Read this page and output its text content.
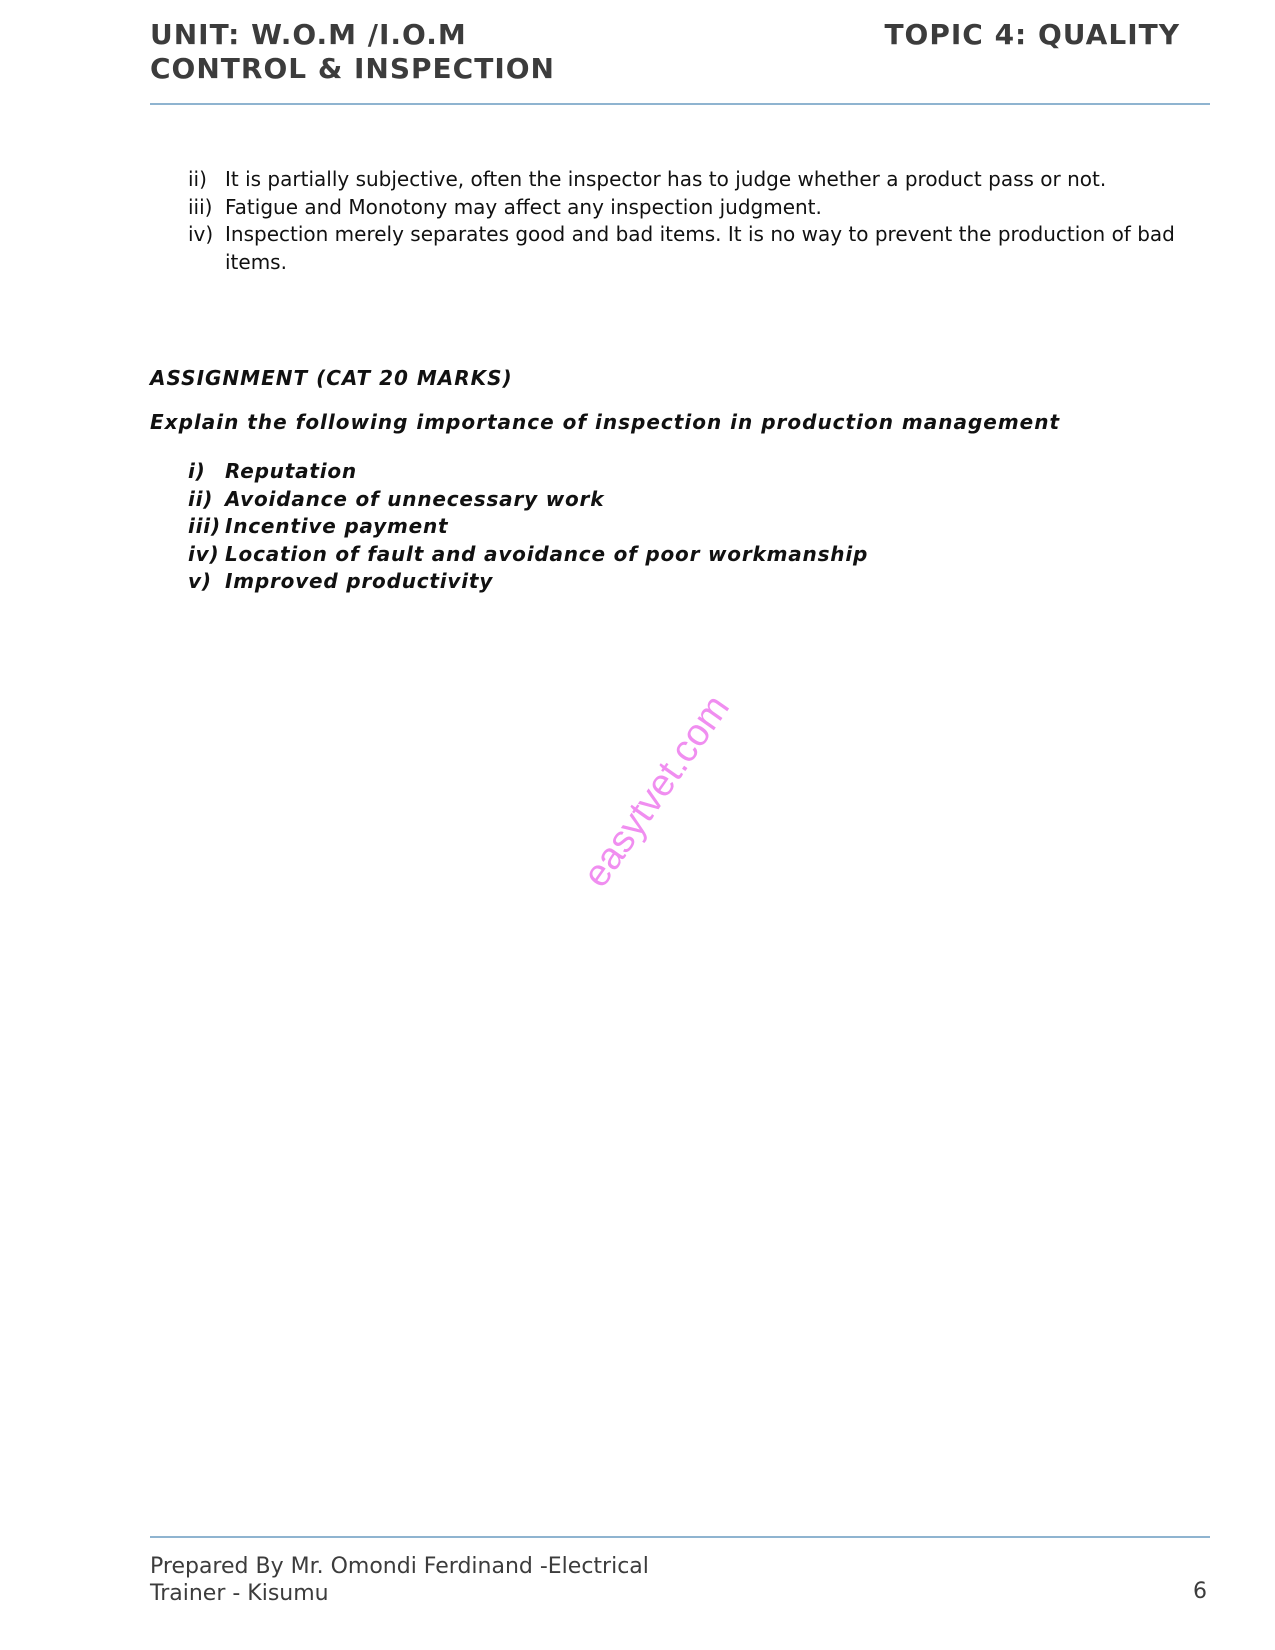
UNIT: W.O.M /I.O.M
CONTROL & INSPECTION
TOPIC 4: QUALITY
ii) It is partially subjective, often the inspector has to judge whether a product pass or not.
iii) Fatigue and Monotony may affect any inspection judgment.
iv) Inspection merely separates good and bad items. It is no way to prevent the production of bad items.
ASSIGNMENT (CAT 20 MARKS)
Explain the following importance of inspection in production management
i) Reputation
ii) Avoidance of unnecessary work
iii) Incentive payment
iv) Location of fault and avoidance of poor workmanship
v) Improved productivity
easytvet.com
Prepared By Mr. Omondi Ferdinand -Electrical
Trainer - Kisumu	6
